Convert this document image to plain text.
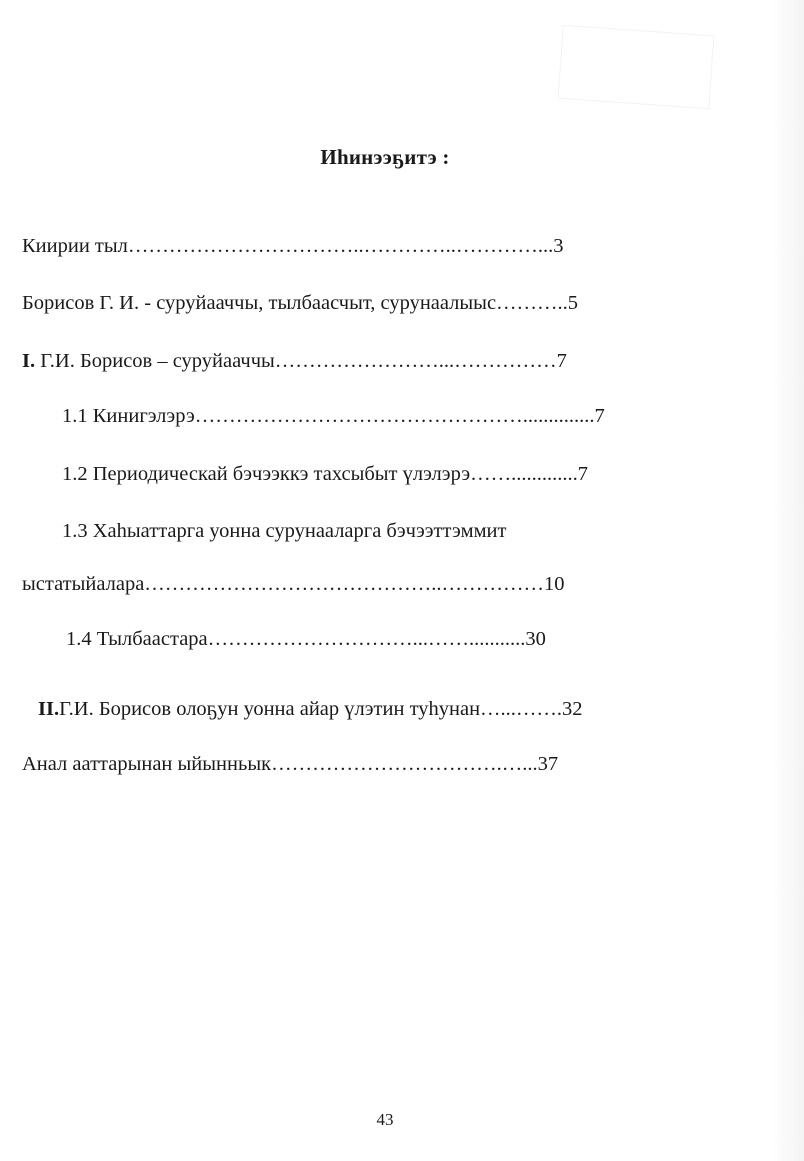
Иһинээҕитэ :
Киирии тыл……………………………..…………..…………...3
Борисов Г. И. - суруйааччы, тылбаасчыт, сурунаалыыс………..5
I. Г.И. Борисов – суруйааччы……………………...……………7
1.1 Кинигэлэрэ…………………………………………..............7
1.2 Периодическай бэчээккэ тахсыбыт үлэлэрэ…….............7
1.3 Хаһыаттарга уонна сурунааларга бэчээттэммит
ыстатыйалара……………………………………..……………10
1.4 Тылбаастара…………………………...……...........30
II.Г.И. Борисов олоҕун уонна айар үлэтин туһунан…...…….32
Анал ааттарынан ыйынньык…………………………….…...37
43
